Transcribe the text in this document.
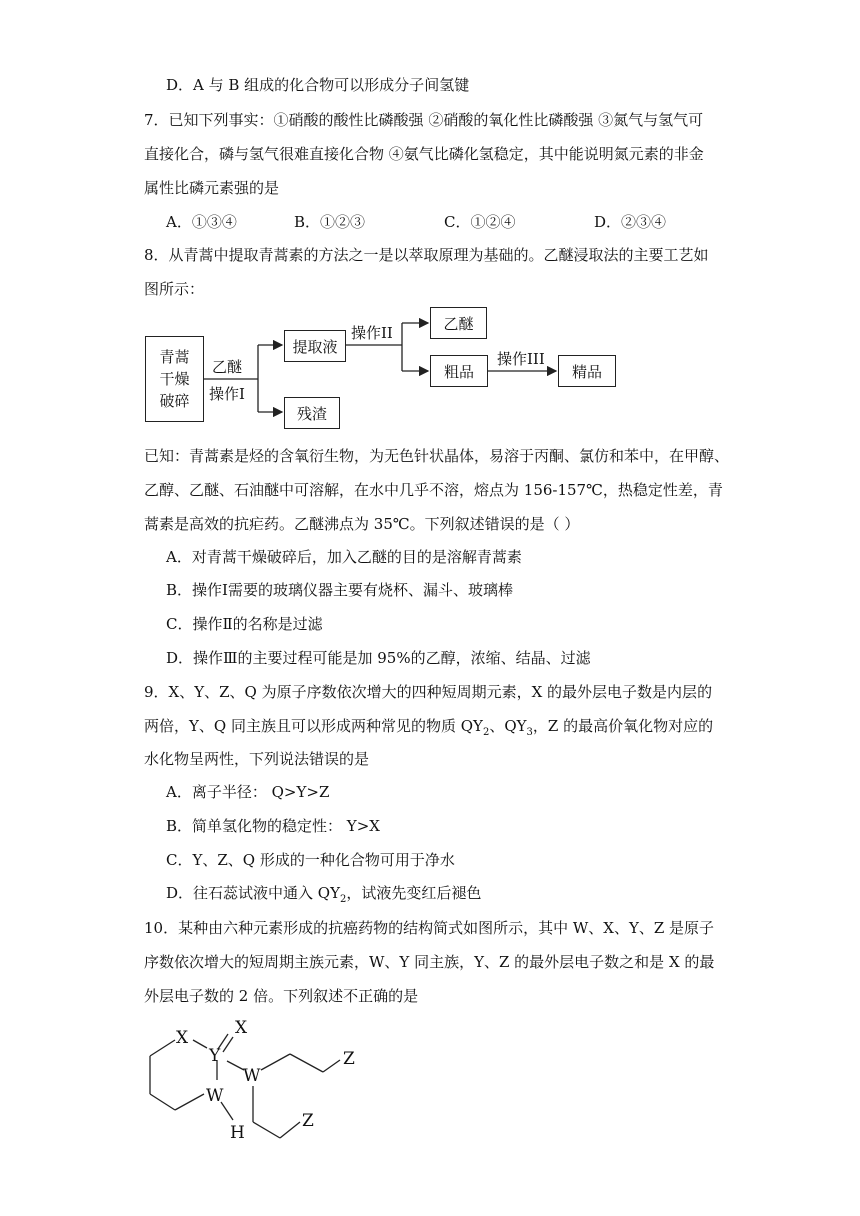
D．A 与 B 组成的化合物可以形成分子间氢键
7．已知下列事实：①硝酸的酸性比磷酸强 ②硝酸的氧化性比磷酸强 ③氮气与氢气可
直接化合，磷与氢气很难直接化合物 ④氨气比磷化氢稳定，其中能说明氮元素的非金
属性比磷元素强的是
A．①③④	B．①②③	C．①②④	D．②③④
8．从青蒿中提取青蒿素的方法之一是以萃取原理为基础的。乙醚浸取法的主要工艺如
图所示：
青蒿
干燥
破碎
乙醚
操作I
提取液
残渣
操作II
乙醚
粗品
操作III
精品
已知：青蒿素是烃的含氧衍生物，为无色针状晶体，易溶于丙酮、氯仿和苯中，在甲醇、
乙醇、乙醚、石油醚中可溶解，在水中几乎不溶，熔点为 156-157℃，热稳定性差，青
蒿素是高效的抗疟药。乙醚沸点为 35℃。下列叙述错误的是（ ）
A．对青蒿干燥破碎后，加入乙醚的目的是溶解青蒿素
B．操作Ⅰ需要的玻璃仪器主要有烧杯、漏斗、玻璃棒
C．操作Ⅱ的名称是过滤
D．操作Ⅲ的主要过程可能是加 95%的乙醇，浓缩、结晶、过滤
9．X、Y、Z、Q 为原子序数依次增大的四种短周期元素，X 的最外层电子数是内层的
两倍，Y、Q 同主族且可以形成两种常见的物质 $QY_2$、$QY_3$，Z 的最高价氧化物对应的
水化物呈两性，下列说法错误的是
A．离子半径： Q>Y>Z
B．简单氢化物的稳定性： Y>X
C．Y、Z、Q 形成的一种化合物可用于净水
D．往石蕊试液中通入 $QY_2$，试液先变红后褪色
10．某种由六种元素形成的抗癌药物的结构简式如图所示，其中 W、X、Y、Z 是原子
序数依次增大的短周期主族元素，W、Y 同主族，Y、Z 的最外层电子数之和是 X 的最
外层电子数的 2 倍。下列叙述不正确的是
X	X
Y
W
W
H
Z
Z
